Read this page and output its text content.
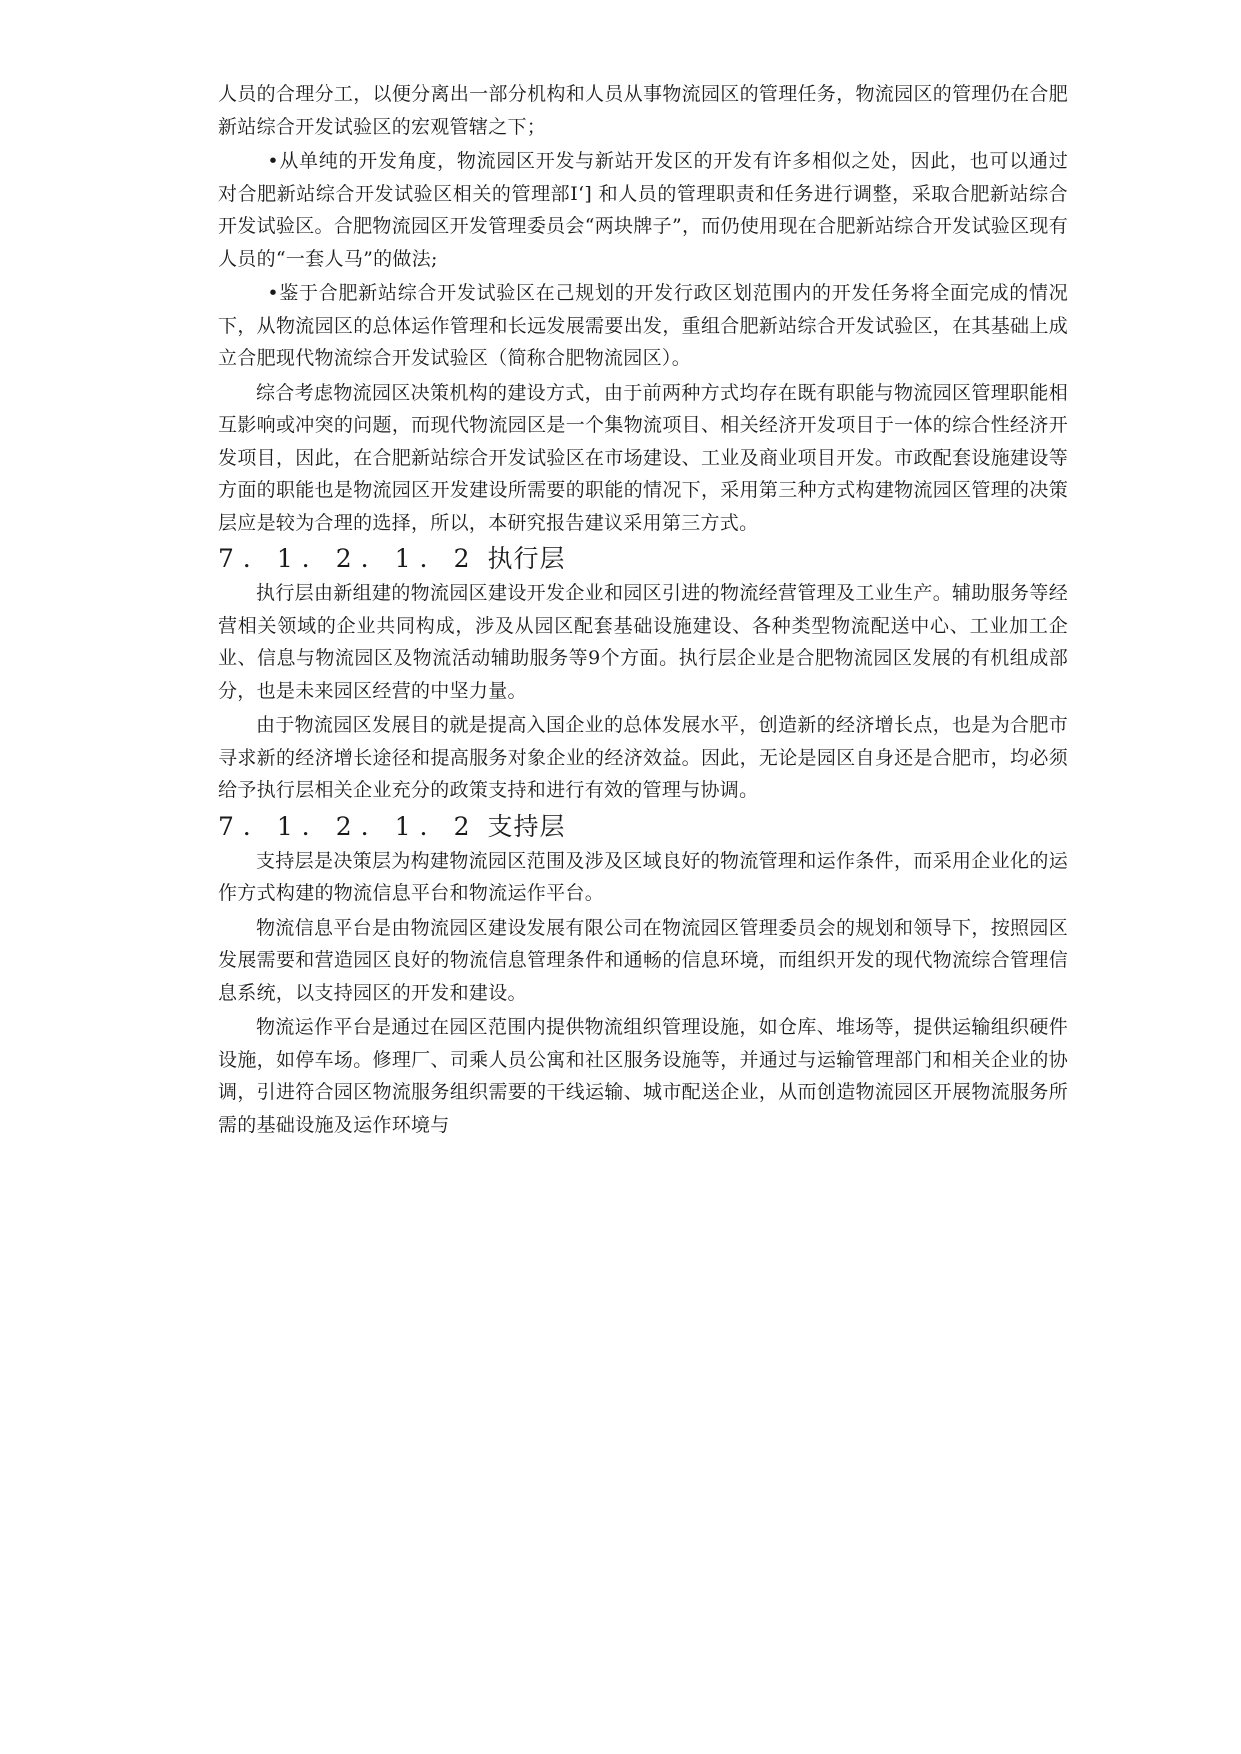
人员的合理分工，以便分离出一部分机构和人员从事物流园区的管理任务，物流园区的管理仍在合肥新站综合开发试验区的宏观管辖之下；

•从单纯的开发角度，物流园区开发与新站开发区的开发有许多相似之处，因此，也可以通过对合肥新站综合开发试验区相关的管理部I‘] 和人员的管理职责和任务进行调整，采取合肥新站综合开发试验区。合肥物流园区开发管理委员会“两块牌子”，而仍使用现在合肥新站综合开发试验区现有人员的“一套人马”的做法;

•鉴于合肥新站综合开发试验区在己规划的开发行政区划范围内的开发任务将全面完成的情况下，从物流园区的总体运作管理和长远发展需要出发，重组合肥新站综合开发试验区，在其基础上成立合肥现代物流综合开发试验区（简称合肥物流园区）。

综合考虑物流园区决策机构的建设方式，由于前两种方式均存在既有职能与物流园区管理职能相互影响或冲突的问题，而现代物流园区是一个集物流项目、相关经济开发项目于一体的综合性经济开发项目，因此，在合肥新站综合开发试验区在市场建设、工业及商业项目开发。市政配套设施建设等方面的职能也是物流园区开发建设所需要的职能的情况下，采用第三种方式构建物流园区管理的决策层应是较为合理的选择，所以，本研究报告建议采用第三方式。

7．1．2．1．2 执行层

执行层由新组建的物流园区建设开发企业和园区引进的物流经营管理及工业生产。辅助服务等经营相关领域的企业共同构成，涉及从园区配套基础设施建设、各种类型物流配送中心、工业加工企业、信息与物流园区及物流活动辅助服务等9个方面。执行层企业是合肥物流园区发展的有机组成部分，也是未来园区经营的中坚力量。

由于物流园区发展目的就是提高入国企业的总体发展水平，创造新的经济增长点，也是为合肥市寻求新的经济增长途径和提高服务对象企业的经济效益。因此，无论是园区自身还是合肥市，均必须给予执行层相关企业充分的政策支持和进行有效的管理与协调。

7．1．2．1．2 支持层

支持层是决策层为构建物流园区范围及涉及区域良好的物流管理和运作条件，而采用企业化的运作方式构建的物流信息平台和物流运作平台。

物流信息平台是由物流园区建设发展有限公司在物流园区管理委员会的规划和领导下，按照园区发展需要和营造园区良好的物流信息管理条件和通畅的信息环境，而组织开发的现代物流综合管理信息系统，以支持园区的开发和建设。

物流运作平台是通过在园区范围内提供物流组织管理设施，如仓库、堆场等，提供运输组织硬件设施，如停车场。修理厂、司乘人员公寓和社区服务设施等，并通过与运输管理部门和相关企业的协调，引进符合园区物流服务组织需要的干线运输、城市配送企业，从而创造物流园区开展物流服务所需的基础设施及运作环境与
